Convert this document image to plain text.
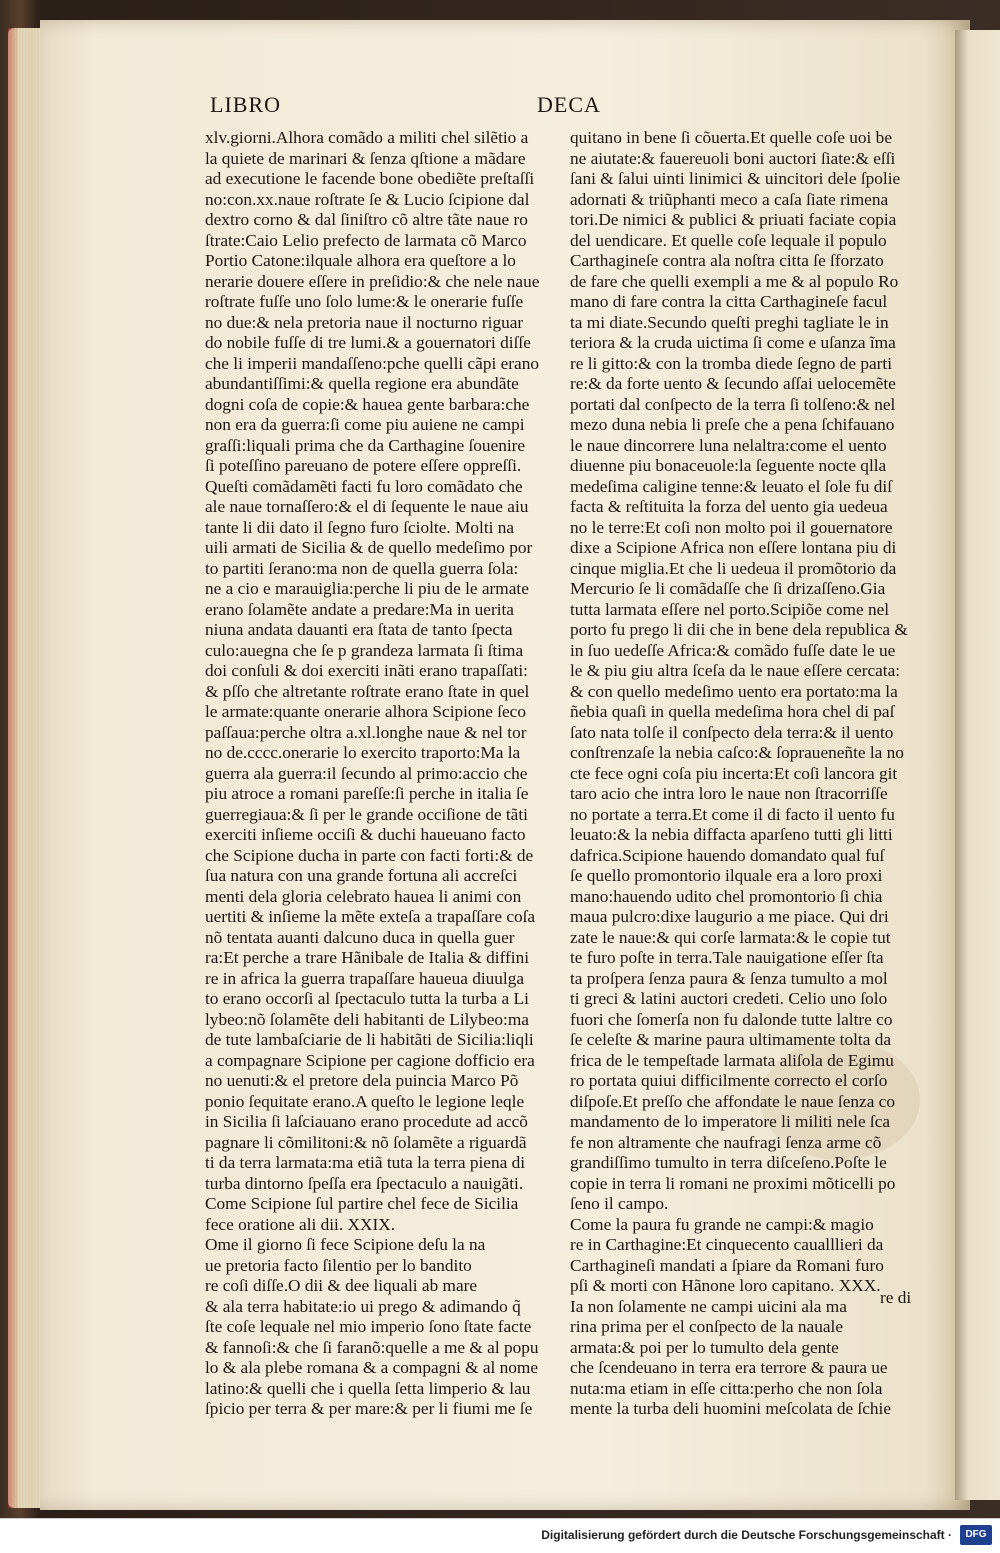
LIBRO	DECA
xlv.giorni.Alhora comãdo a militi chel silẽtio a
la quiete de marinari & ſenza qſtione a mãdare
ad executione le facende bone obediẽte preſtaſſi
no:con.xx.naue roſtrate ſe & Lucio ſcipione dal
dextro corno & dal ſiniſtro cõ altre tãte naue ro
ſtrate:Caio Lelio prefecto de larmata cõ Marco
Portio Catone:ilquale alhora era queſtore a lo
nerarie douere eſſere in preſidio:& che nele naue
roſtrate fuſſe uno ſolo lume:& le onerarie fuſſe
no due:& nela pretoria naue il nocturno riguar
do nobile fuſſe di tre lumi.& a gouernatori diſſe
che li imperii mandaſſeno:pche quelli cãpi erano
abundantiſſimi:& quella regione era abundãte
dogni coſa de copie:& hauea gente barbara:che
non era da guerra:ſi come piu auiene ne campi
graſſi:liquali prima che da Carthagine ſouenire
ſi poteſſino pareuano de potere eſſere oppreſſi.
Queſti comãdamẽti facti fu loro comãdato che
ale naue tornaſſero:& el di ſequente le naue aiu
tante li dii dato il ſegno furo ſciolte. Molti na
uili armati de Sicilia & de quello medeſimo por
to partiti ſerano:ma non de quella guerra ſola:
ne a cio e marauiglia:perche li piu de le armate
erano ſolamẽte andate a predare:Ma in uerita
niuna andata dauanti era ſtata de tanto ſpecta
culo:auegna che ſe p grandeza larmata ſi ſtima
doi conſuli & doi exerciti inãti erano trapaſſati:
& pſſo che altretante roſtrate erano ſtate in quel
le armate:quante onerarie alhora Scipione ſeco
paſſaua:perche oltra a.xl.longhe naue & nel tor
no de.cccc.onerarie lo exercito traporto:Ma la
guerra ala guerra:il ſecundo al primo:accio che
piu atroce a romani pareſſe:ſi perche in italia ſe
guerregiaua:& ſi per le grande occiſione de tãti
exerciti inſieme occiſi & duchi haueuano facto
che Scipione ducha in parte con facti forti:& de
ſua natura con una grande fortuna ali accreſci
menti dela gloria celebrato hauea li animi con
uertiti & inſieme la mẽte exteſa a trapaſſare coſa
nõ tentata auanti dalcuno duca in quella guer
ra:Et perche a trare Hãnibale de Italia & diffini
re in africa la guerra trapaſſare haueua diuulga
to erano occorſi al ſpectaculo tutta la turba a Li
lybeo:nõ ſolamẽte deli habitanti de Lilybeo:ma
de tute lambaſciarie de li habitãti de Sicilia:liqli
a compagnare Scipione per cagione dofficio era
no uenuti:& el pretore dela puincia Marco Põ
ponio ſequitate erano.A queſto le legione leqle
in Sicilia ſi laſciauano erano procedute ad accõ
pagnare li cõmilitoni:& nõ ſolamẽte a riguardã
ti da terra larmata:ma etiã tuta la terra piena di
turba dintorno ſpeſſa era ſpectaculo a nauigãti.
Come Scipione ſul partire chel fece de Sicilia
fece oratione ali dii. XXIX.
Ome il giorno ſi fece Scipione deſu la na
ue pretoria facto ſilentio per lo bandito
re coſi diſſe.O dii & dee liquali ab mare
& ala terra habitate:io ui prego & adimando q̃
ſte coſe lequale nel mio imperio ſono ſtate facte
& fannoſi:& che ſi faranõ:quelle a me & al popu
lo & ala plebe romana & a compagni & al nome
latino:& quelli che i quella ſetta limperio & lau
ſpicio per terra & per mare:& per li fiumi me ſe
quitano in bene ſi cõuerta.Et quelle coſe uoi be
ne aiutate:& fauereuoli boni auctori ſiate:& eſſi
ſani & ſalui uinti linimici & uincitori dele ſpolie
adornati & triũphanti meco a caſa ſiate rimena
tori.De nimici & publici & priuati faciate copia
del uendicare. Et quelle coſe lequale il populo
Carthagineſe contra ala noſtra citta ſe ſforzato
de fare che quelli exempli a me & al populo Ro
mano di fare contra la citta Carthagineſe facul
ta mi diate.Secundo queſti preghi tagliate le in
teriora & la cruda uictima ſi come e uſanza ĩma
re li gitto:& con la tromba diede ſegno de parti
re:& da forte uento & ſecundo aſſai uelocemẽte
portati dal conſpecto de la terra ſi tolſeno:& nel
mezo duna nebia li preſe che a pena ſchifauano
le naue dincorrere luna nelaltra:come el uento
diuenne piu bonaceuole:la ſeguente nocte qlla
medeſima caligine tenne:& leuato el ſole fu diſ
facta & reſtituita la forza del uento gia uedeua
no le terre:Et coſi non molto poi il gouernatore
dixe a Scipione Africa non eſſere lontana piu di
cinque miglia.Et che li uedeua il promõtorio da
Mercurio ſe li comãdaſſe che ſi drizaſſeno.Gia
tutta larmata eſſere nel porto.Scipiõe come nel
porto fu prego li dii che in bene dela republica &
in ſuo uedeſſe Africa:& comãdo fuſſe date le ue
le & piu giu altra ſceſa da le naue eſſere cercata:
& con quello medeſimo uento era portato:ma la
ñebia quaſi in quella medeſima hora chel di paſ
ſato nata tolſe il conſpecto dela terra:& il uento
conſtrenzaſe la nebia caſco:& ſopraueneñte la no
cte fece ogni coſa piu incerta:Et coſi lancora git
taro acio che intra loro le naue non ſtracorriſſe
no portate a terra.Et come il di facto il uento fu
leuato:& la nebia diffacta aparſeno tutti gli litti
dafrica.Scipione hauendo domandato qual fuſ
ſe quello promontorio ilquale era a loro proxi
mano:hauendo udito chel promontorio ſi chia
maua pulcro:dixe laugurio a me piace. Qui dri
zate le naue:& qui corſe larmata:& le copie tut
te furo poſte in terra.Tale nauigatione eſſer ſta
ta proſpera ſenza paura & ſenza tumulto a mol
ti greci & latini auctori credeti. Celio uno ſolo
fuori che ſomerſa non fu dalonde tutte laltre co
ſe celeſte & marine paura ultimamente tolta da
frica de le tempeſtade larmata aliſola de Egimu
ro portata quiui difficilmente correcto el corſo
diſpoſe.Et preſſo che affondate le naue ſenza co
mandamento de lo imperatore li militi nele ſca
fe non altramente che naufragi ſenza arme cõ
grandiſſimo tumulto in terra diſceſeno.Poſte le
copie in terra li romani ne proximi mõticelli po
ſeno il campo.
Come la paura fu grande ne campi:& magio
re in Carthagine:Et cinquecento caualllieri da
Carthagineſi mandati a ſpiare da Romani furo
pſi & morti con Hãnone loro capitano. XXX.
Ia non ſolamente ne campi uicini ala ma
rina prima per el conſpecto de la nauale
armata:& poi per lo tumulto dela gente
che ſcendeuano in terra era terrore & paura ue
nuta:ma etiam in eſſe citta:perho che non ſola
mente la turba deli huomini meſcolata de ſchie
re di
Digitalisierung gefördert durch die Deutsche Forschungsgemeinschaft ·	DFG
